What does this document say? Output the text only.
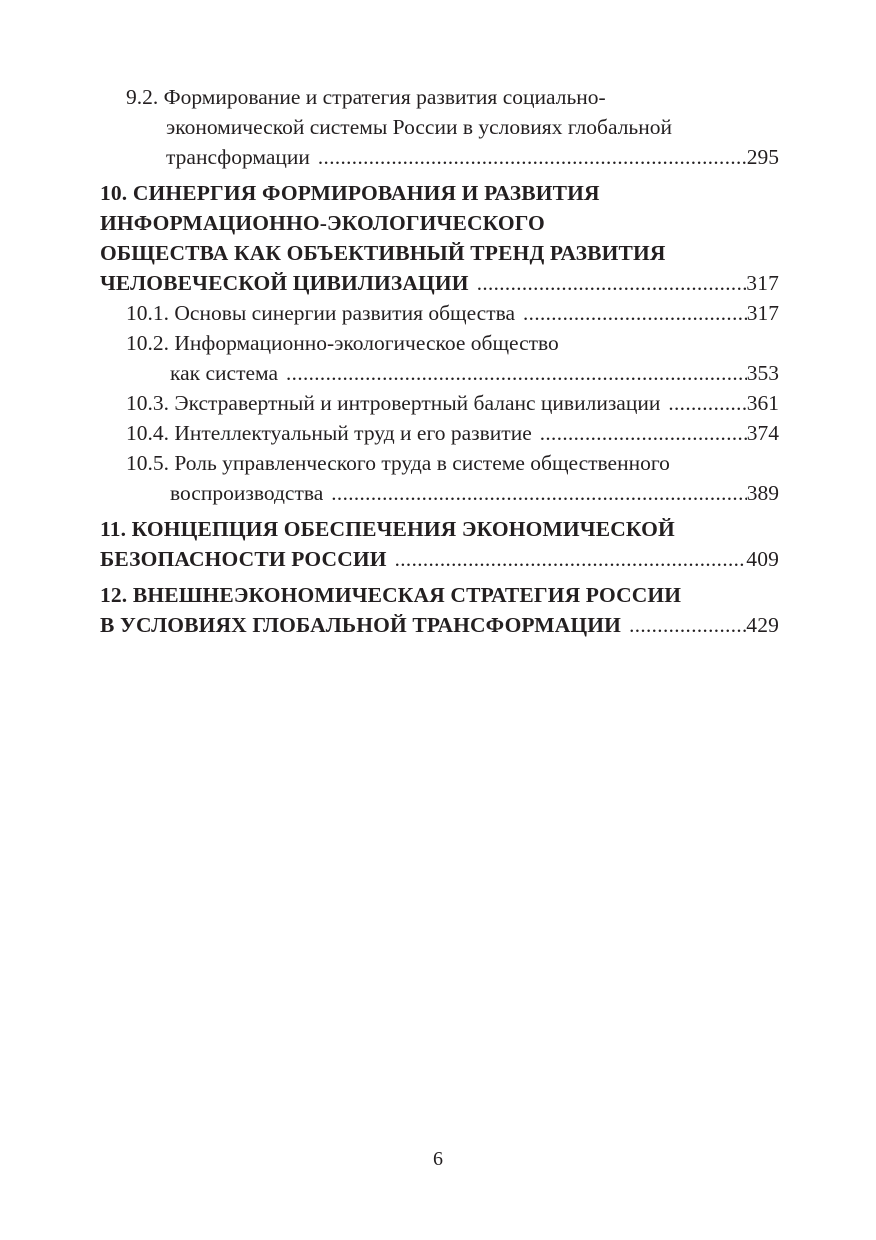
9.2. Формирование и стратегия развития социально-
экономической системы России в условиях глобальной
трансформации .....	295
10. СИНЕРГИЯ ФОРМИРОВАНИЯ И РАЗВИТИЯ
ИНФОРМАЦИОННО-ЭКОЛОГИЧЕСКОГО
ОБЩЕСТВА КАК ОБЪЕКТИВНЫЙ ТРЕНД РАЗВИТИЯ
ЧЕЛОВЕЧЕСКОЙ ЦИВИЛИЗАЦИИ .....	317
10.1. Основы синергии развития общества .....	317
10.2. Информационно-экологическое общество
как система .....	353
10.3. Экстравертный и интровертный баланс цивилизации .....	361
10.4. Интеллектуальный труд и его развитие .....	374
10.5. Роль управленческого труда в системе общественного
воспроизводства .....	389
11. КОНЦЕПЦИЯ ОБЕСПЕЧЕНИЯ ЭКОНОМИЧЕСКОЙ
БЕЗОПАСНОСТИ РОССИИ .....	409
12. ВНЕШНЕЭКОНОМИЧЕСКАЯ СТРАТЕГИЯ РОССИИ
В УСЛОВИЯХ ГЛОБАЛЬНОЙ ТРАНСФОРМАЦИИ .....	429
6
